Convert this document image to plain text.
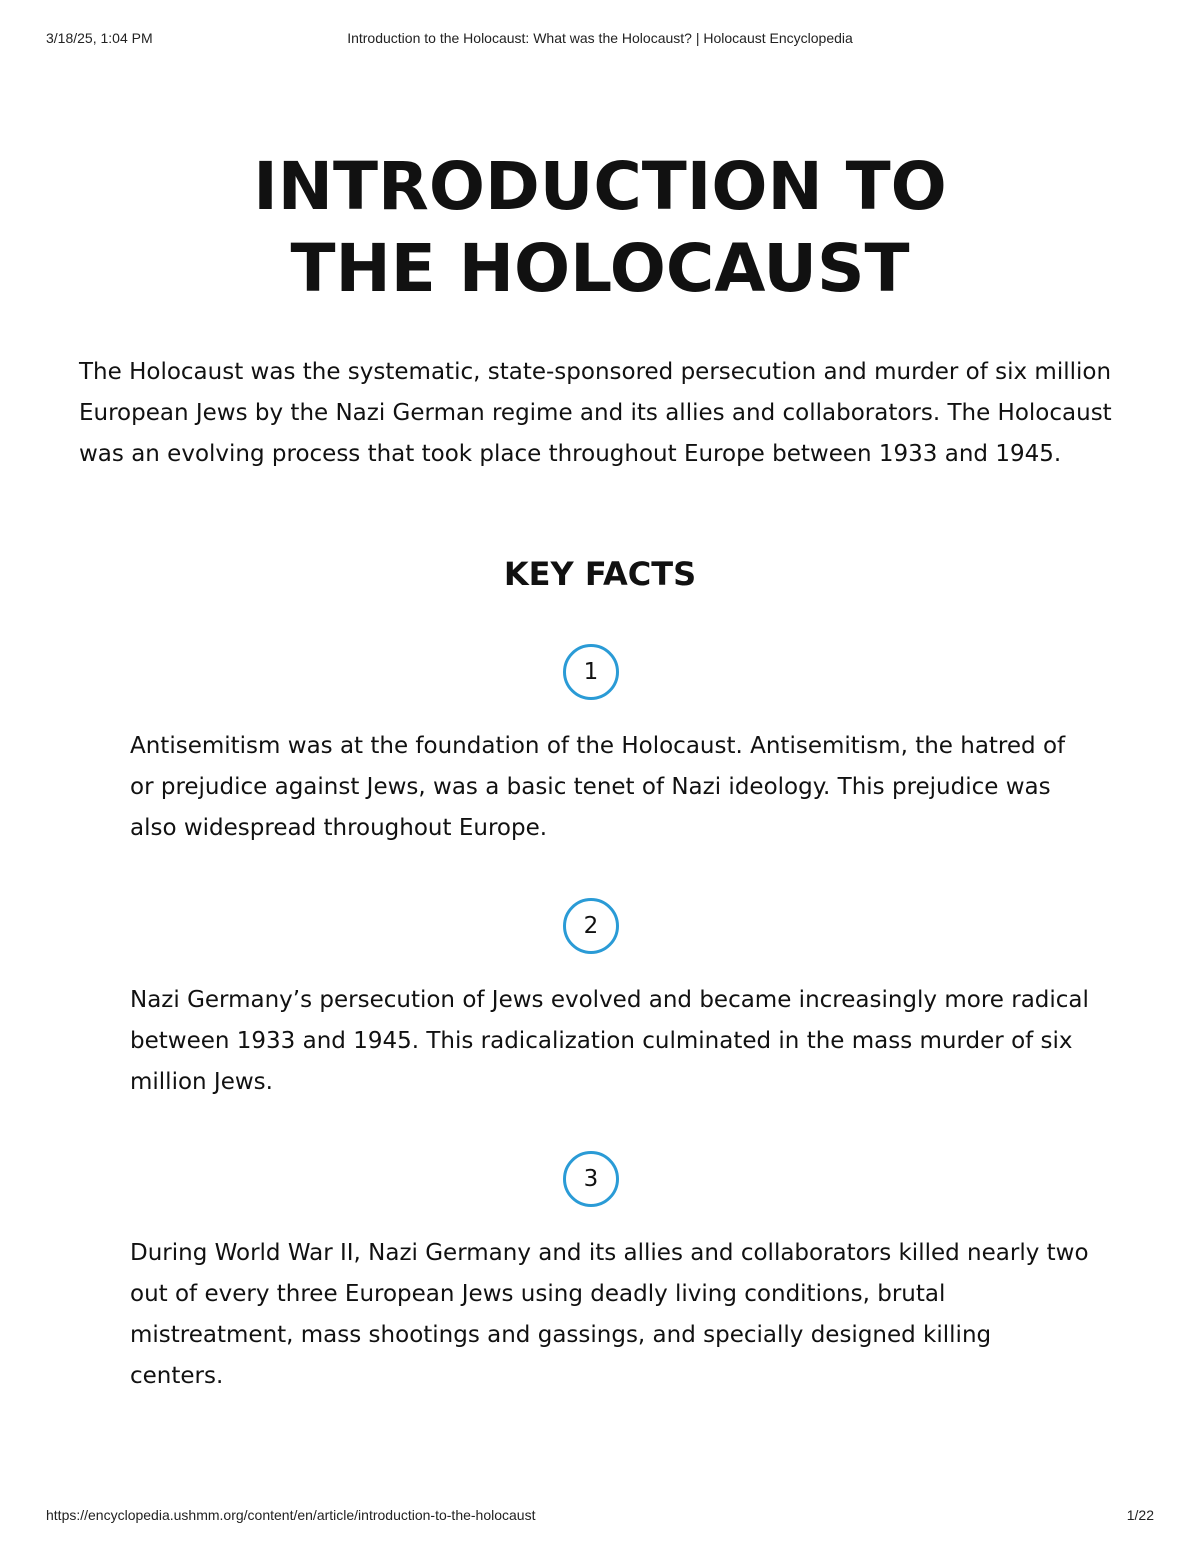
3/18/25, 1:04 PM	Introduction to the Holocaust: What was the Holocaust? | Holocaust Encyclopedia
INTRODUCTION TO
THE HOLOCAUST

The Holocaust was the systematic, state-sponsored persecution and murder of six million European Jews by the Nazi German regime and its allies and collaborators. The Holocaust was an evolving process that took place throughout Europe between 1933 and 1945.

KEY FACTS
1

Antisemitism was at the foundation of the Holocaust. Antisemitism, the hatred of or prejudice against Jews, was a basic tenet of Nazi ideology. This prejudice was also widespread throughout Europe.

2

Nazi Germany’s persecution of Jews evolved and became increasingly more radical between 1933 and 1945. This radicalization culminated in the mass murder of six million Jews.

3

During World War II, Nazi Germany and its allies and collaborators killed nearly two out of every three European Jews using deadly living conditions, brutal mistreatment, mass shootings and gassings, and specially designed killing centers.

https://encyclopedia.ushmm.org/content/en/article/introduction-to-the-holocaust	1/22
